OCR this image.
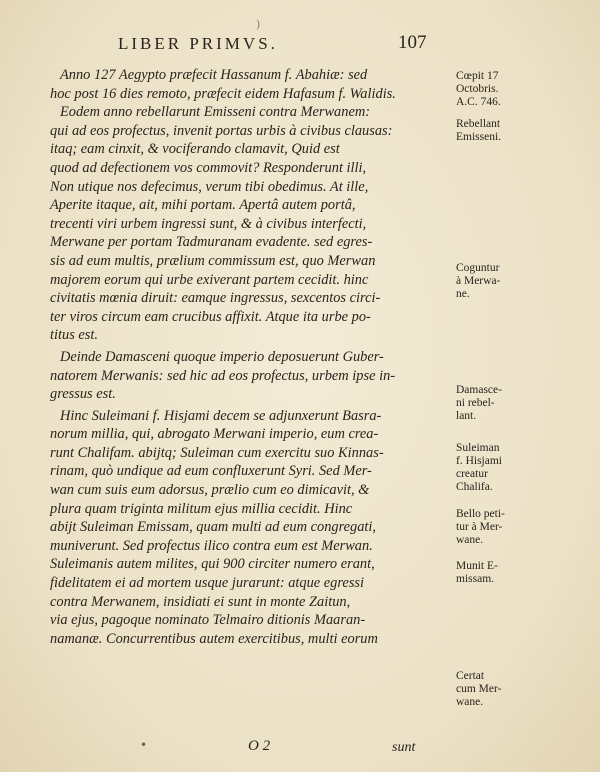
)
LIBER PRIMVS.	107
Anno 127 Aegypto præfecit Hassanum f. Abahiæ: sed
hoc post 16 dies remoto, præfecit eidem Hafasum f. Walidis.
Eodem anno rebellarunt Emisseni contra Merwanem:
qui ad eos profectus, invenit portas urbis à civibus clausas:
itaq; eam cinxit, & vociferando clamavit, Quid est
quod ad defectionem vos commovit? Responderunt illi,
Non utique nos defecimus, verum tibi obedimus. At ille,
Aperite itaque, ait, mihi portam. Apertâ autem portâ,
trecenti viri urbem ingressi sunt, & à civibus interfecti,
Merwane per portam Tadmuranam evadente. sed egres-
sis ad eum multis, prælium commissum est, quo Merwan
majorem eorum qui urbe exiverant partem cecidit. hinc
civitatis mœnia diruit: eamque ingressus, sexcentos circi-
ter viros circum eam crucibus affixit. Atque ita urbe po-
titus est.
Deinde Damasceni quoque imperio deposuerunt Guber-
natorem Merwanis: sed hic ad eos profectus, urbem ipse in-
gressus est.
Hinc Suleimani f. Hisjami decem se adjunxerunt Basra-
norum millia, qui, abrogato Merwani imperio, eum crea-
runt Chalifam. abijtq; Suleiman cum exercitu suo Kinnas-
rinam, quò undique ad eum confluxerunt Syri. Sed Mer-
wan cum suis eum adorsus, prælio cum eo dimicavit, &
plura quam triginta militum ejus millia cecidit. Hinc
abijt Suleiman Emissam, quam multi ad eum congregati,
muniverunt. Sed profectus ilico contra eum est Merwan.
Suleimanis autem milites, qui 900 circiter numero erant,
fidelitatem ei ad mortem usque jurarunt: atque egressi
contra Merwanem, insidiati ei sunt in monte Zaitun,
via ejus, pagoque nominato Telmairo ditionis Maaran-
namanæ. Concurrentibus autem exercitibus, multi eorum
Cœpit 17
Octobris.
A.C. 746.
Rebellant
Emisseni.
Coguntur
à Merwa-
ne.
Damasce-
ni rebel-
lant.
Suleiman
f. Hisjami
creatur
Chalifa.
Bello peti-
tur à Mer-
wane.
Munit E-
missam.
Certat
cum Mer-
wane.
•	O 2	sunt
